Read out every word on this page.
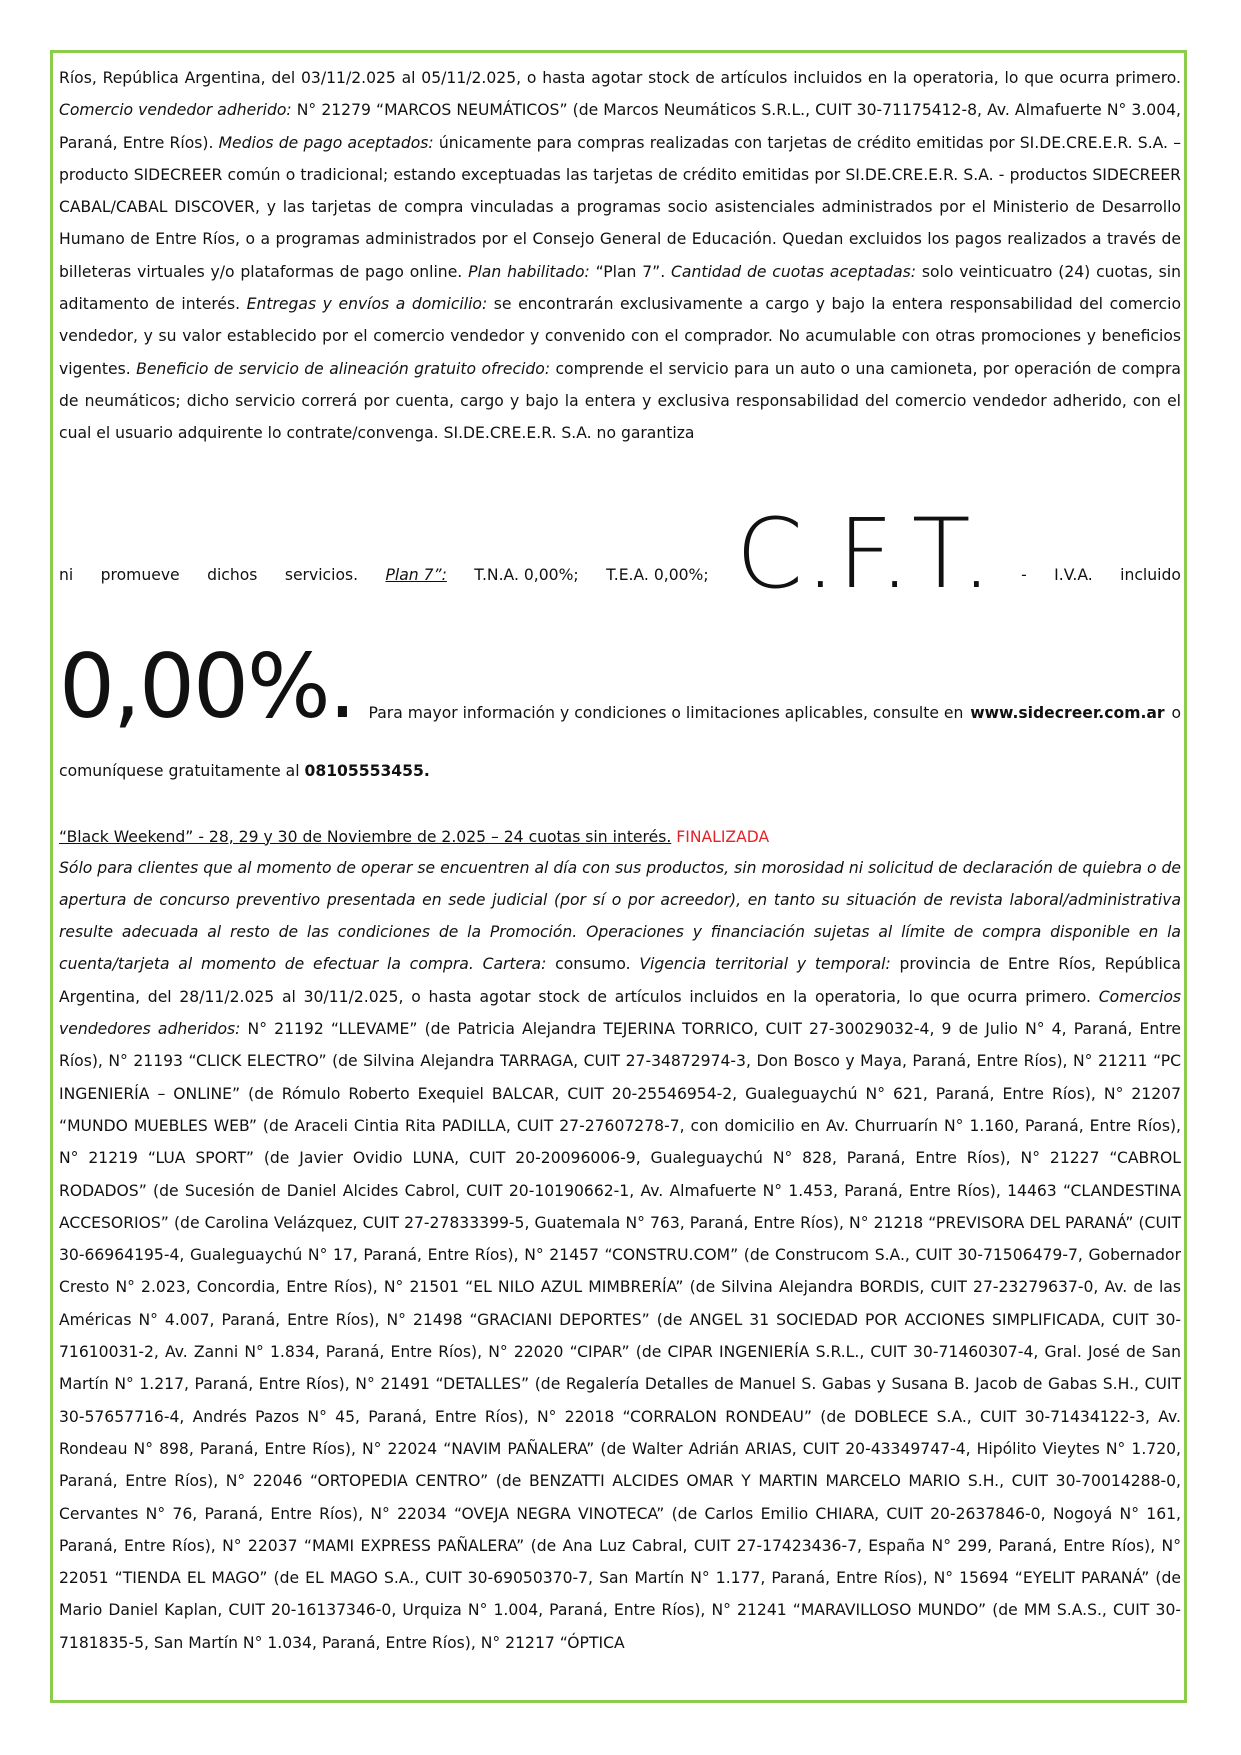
Ríos, República Argentina, del 03/11/2.025 al 05/11/2.025, o hasta agotar stock de artículos incluidos en la operatoria, lo que ocurra primero. Comercio vendedor adherido: N° 21279 “MARCOS NEUMÁTICOS” (de Marcos Neumáticos S.R.L., CUIT 30-71175412-8, Av. Almafuerte N° 3.004, Paraná, Entre Ríos). Medios de pago aceptados: únicamente para compras realizadas con tarjetas de crédito emitidas por SI.DE.CRE.E.R. S.A. – producto SIDECREER común o tradicional; estando exceptuadas las tarjetas de crédito emitidas por SI.DE.CRE.E.R. S.A. - productos SIDECREER CABAL/CABAL DISCOVER, y las tarjetas de compra vinculadas a programas socio asistenciales administrados por el Ministerio de Desarrollo Humano de Entre Ríos, o a programas administrados por el Consejo General de Educación. Quedan excluidos los pagos realizados a través de billeteras virtuales y/o plataformas de pago online. Plan habilitado: “Plan 7”. Cantidad de cuotas aceptadas: solo veinticuatro (24) cuotas, sin aditamento de interés. Entregas y envíos a domicilio: se encontrarán exclusivamente a cargo y bajo la entera responsabilidad del comercio vendedor, y su valor establecido por el comercio vendedor y convenido con el comprador. No acumulable con otras promociones y beneficios vigentes. Beneficio de servicio de alineación gratuito ofrecido: comprende el servicio para un auto o una camioneta, por operación de compra de neumáticos; dicho servicio correrá por cuenta, cargo y bajo la entera y exclusiva responsabilidad del comercio vendedor adherido, con el cual el usuario adquirente lo contrate/convenga. SI.DE.CRE.E.R. S.A. no garantiza

ni promueve dichos servicios. Plan 7”: T.N.A. 0,00%; T.E.A. 0,00%; C.F.T. - I.V.A. incluido
0,00%. Para mayor información y condiciones o limitaciones aplicables, consulte en www.sidecreer.com.ar o
comuníquese gratuitamente al 08105553455.
“Black Weekend” - 28, 29 y 30 de Noviembre de 2.025 – 24 cuotas sin interés. FINALIZADA

Sólo para clientes que al momento de operar se encuentren al día con sus productos, sin morosidad ni solicitud de declaración de quiebra o de apertura de concurso preventivo presentada en sede judicial (por sí o por acreedor), en tanto su situación de revista laboral/administrativa resulte adecuada al resto de las condiciones de la Promoción. Operaciones y financiación sujetas al límite de compra disponible en la cuenta/tarjeta al momento de efectuar la compra. Cartera: consumo. Vigencia territorial y temporal: provincia de Entre Ríos, República Argentina, del 28/11/2.025 al 30/11/2.025, o hasta agotar stock de artículos incluidos en la operatoria, lo que ocurra primero. Comercios vendedores adheridos: N° 21192 “LLEVAME” (de Patricia Alejandra TEJERINA TORRICO, CUIT 27-30029032-4, 9 de Julio N° 4, Paraná, Entre Ríos), N° 21193 “CLICK ELECTRO” (de Silvina Alejandra TARRAGA, CUIT 27-34872974-3, Don Bosco y Maya, Paraná, Entre Ríos), N° 21211 “PC INGENIERÍA – ONLINE” (de Rómulo Roberto Exequiel BALCAR, CUIT 20-25546954-2, Gualeguaychú N° 621, Paraná, Entre Ríos), N° 21207 “MUNDO MUEBLES WEB” (de Araceli Cintia Rita PADILLA, CUIT 27-27607278-7, con domicilio en Av. Churruarín N° 1.160, Paraná, Entre Ríos), N° 21219 “LUA SPORT” (de Javier Ovidio LUNA, CUIT 20-20096006-9, Gualeguaychú N° 828, Paraná, Entre Ríos), N° 21227 “CABROL RODADOS” (de Sucesión de Daniel Alcides Cabrol, CUIT 20-10190662-1, Av. Almafuerte N° 1.453, Paraná, Entre Ríos), 14463 “CLANDESTINA ACCESORIOS” (de Carolina Velázquez, CUIT 27-27833399-5, Guatemala N° 763, Paraná, Entre Ríos), N° 21218 “PREVISORA DEL PARANÁ” (CUIT 30-66964195-4, Gualeguaychú N° 17, Paraná, Entre Ríos), N° 21457 “CONSTRU.COM” (de Construcom S.A., CUIT 30-71506479-7, Gobernador Cresto N° 2.023, Concordia, Entre Ríos), N° 21501 “EL NILO AZUL MIMBRERÍA” (de Silvina Alejandra BORDIS, CUIT 27-23279637-0, Av. de las Américas N° 4.007, Paraná, Entre Ríos), N° 21498 “GRACIANI DEPORTES” (de ANGEL 31 SOCIEDAD POR ACCIONES SIMPLIFICADA, CUIT 30-71610031-2, Av. Zanni N° 1.834, Paraná, Entre Ríos), N° 22020 “CIPAR” (de CIPAR INGENIERÍA S.R.L., CUIT 30-71460307-4, Gral. José de San Martín N° 1.217, Paraná, Entre Ríos), N° 21491 “DETALLES” (de Regalería Detalles de Manuel S. Gabas y Susana B. Jacob de Gabas S.H., CUIT 30-57657716-4, Andrés Pazos N° 45, Paraná, Entre Ríos), N° 22018 “CORRALON RONDEAU” (de DOBLECE S.A., CUIT 30-71434122-3, Av. Rondeau N° 898, Paraná, Entre Ríos), N° 22024 “NAVIM PAÑALERA” (de Walter Adrián ARIAS, CUIT 20-43349747-4, Hipólito Vieytes N° 1.720, Paraná, Entre Ríos), N° 22046 “ORTOPEDIA CENTRO” (de BENZATTI ALCIDES OMAR Y MARTIN MARCELO MARIO S.H., CUIT 30-70014288-0, Cervantes N° 76, Paraná, Entre Ríos), N° 22034 “OVEJA NEGRA VINOTECA” (de Carlos Emilio CHIARA, CUIT 20-2637846-0, Nogoyá N° 161, Paraná, Entre Ríos), N° 22037 “MAMI EXPRESS PAÑALERA” (de Ana Luz Cabral, CUIT 27-17423436-7, España N° 299, Paraná, Entre Ríos), N° 22051 “TIENDA EL MAGO” (de EL MAGO S.A., CUIT 30-69050370-7, San Martín N° 1.177, Paraná, Entre Ríos), N° 15694 “EYELIT PARANÁ” (de Mario Daniel Kaplan, CUIT 20-16137346-0, Urquiza N° 1.004, Paraná, Entre Ríos), N° 21241 “MARAVILLOSO MUNDO” (de MM S.A.S., CUIT 30-7181835-5, San Martín N° 1.034, Paraná, Entre Ríos), N° 21217 “ÓPTICA
